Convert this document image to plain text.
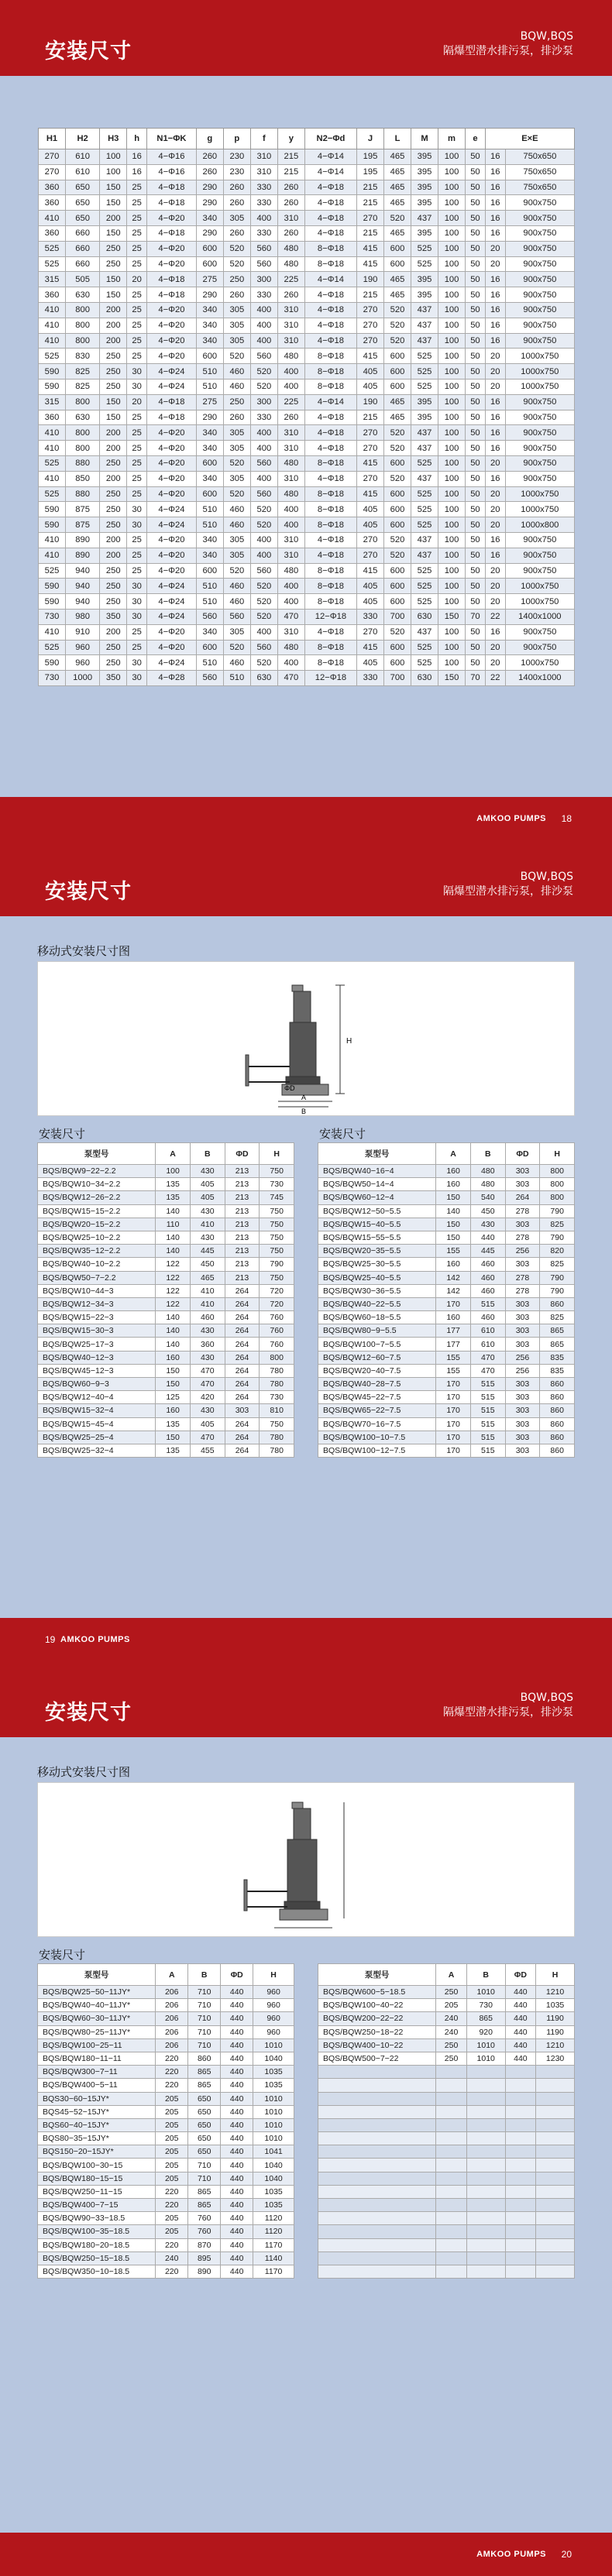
安装尺寸
BQW,BQS
隔爆型潜水排污泵，排沙泵
H1	H2	H3	h	N1−ΦK	g	p	f	y	N2−Φd	J	L	M	m	e	E×E	
270	610	100	16	4−Φ16	260	230	310	215	4−Φ14	195	465	395	100	50	16	750x650
270	610	100	16	4−Φ16	260	230	310	215	4−Φ14	195	465	395	100	50	16	750x650
360	650	150	25	4−Φ18	290	260	330	260	4−Φ18	215	465	395	100	50	16	750x650
360	650	150	25	4−Φ18	290	260	330	260	4−Φ18	215	465	395	100	50	16	900x750
410	650	200	25	4−Φ20	340	305	400	310	4−Φ18	270	520	437	100	50	16	900x750
360	660	150	25	4−Φ18	290	260	330	260	4−Φ18	215	465	395	100	50	16	900x750
525	660	250	25	4−Φ20	600	520	560	480	8−Φ18	415	600	525	100	50	20	900x750
525	660	250	25	4−Φ20	600	520	560	480	8−Φ18	415	600	525	100	50	20	900x750
315	505	150	20	4−Φ18	275	250	300	225	4−Φ14	190	465	395	100	50	16	900x750
360	630	150	25	4−Φ18	290	260	330	260	4−Φ18	215	465	395	100	50	16	900x750
410	800	200	25	4−Φ20	340	305	400	310	4−Φ18	270	520	437	100	50	16	900x750
410	800	200	25	4−Φ20	340	305	400	310	4−Φ18	270	520	437	100	50	16	900x750
410	800	200	25	4−Φ20	340	305	400	310	4−Φ18	270	520	437	100	50	16	900x750
525	830	250	25	4−Φ20	600	520	560	480	8−Φ18	415	600	525	100	50	20	1000x750
590	825	250	30	4−Φ24	510	460	520	400	8−Φ18	405	600	525	100	50	20	1000x750
590	825	250	30	4−Φ24	510	460	520	400	8−Φ18	405	600	525	100	50	20	1000x750
315	800	150	20	4−Φ18	275	250	300	225	4−Φ14	190	465	395	100	50	16	900x750
360	630	150	25	4−Φ18	290	260	330	260	4−Φ18	215	465	395	100	50	16	900x750
410	800	200	25	4−Φ20	340	305	400	310	4−Φ18	270	520	437	100	50	16	900x750
410	800	200	25	4−Φ20	340	305	400	310	4−Φ18	270	520	437	100	50	16	900x750
525	880	250	25	4−Φ20	600	520	560	480	8−Φ18	415	600	525	100	50	20	900x750
410	850	200	25	4−Φ20	340	305	400	310	4−Φ18	270	520	437	100	50	16	900x750
525	880	250	25	4−Φ20	600	520	560	480	8−Φ18	415	600	525	100	50	20	1000x750
590	875	250	30	4−Φ24	510	460	520	400	8−Φ18	405	600	525	100	50	20	1000x750
590	875	250	30	4−Φ24	510	460	520	400	8−Φ18	405	600	525	100	50	20	1000x800
410	890	200	25	4−Φ20	340	305	400	310	4−Φ18	270	520	437	100	50	16	900x750
410	890	200	25	4−Φ20	340	305	400	310	4−Φ18	270	520	437	100	50	16	900x750
525	940	250	25	4−Φ20	600	520	560	480	8−Φ18	415	600	525	100	50	20	900x750
590	940	250	30	4−Φ24	510	460	520	400	8−Φ18	405	600	525	100	50	20	1000x750
590	940	250	30	4−Φ24	510	460	520	400	8−Φ18	405	600	525	100	50	20	1000x750
730	980	350	30	4−Φ24	560	560	520	470	12−Φ18	330	700	630	150	70	22	1400x1000
410	910	200	25	4−Φ20	340	305	400	310	4−Φ18	270	520	437	100	50	16	900x750
525	960	250	25	4−Φ20	600	520	560	480	8−Φ18	415	600	525	100	50	20	900x750
590	960	250	30	4−Φ24	510	460	520	400	8−Φ18	405	600	525	100	50	20	1000x750
730	1000	350	30	4−Φ28	560	510	630	470	12−Φ18	330	700	630	150	70	22	1400x1000
AMKOO PUMPS 18
安装尺寸
BQW,BQS
隔爆型潜水排污泵，排沙泵
移动式安装尺寸图
H
A
B
ΦD
安装尺寸	安装尺寸
泵型号	A	B	ΦD	H
BQS/BQW9−22−2.2	100	430	213	750
BQS/BQW10−34−2.2	135	405	213	730
BQS/BQW12−26−2.2	135	405	213	745
BQS/BQW15−15−2.2	140	430	213	750
BQS/BQW20−15−2.2	110	410	213	750
BQS/BQW25−10−2.2	140	430	213	750
BQS/BQW35−12−2.2	140	445	213	750
BQS/BQW40−10−2.2	122	450	213	790
BQS/BQW50−7−2.2	122	465	213	750
BQS/BQW10−44−3	122	410	264	720
BQS/BQW12−34−3	122	410	264	720
BQS/BQW15−22−3	140	460	264	760
BQS/BQW15−30−3	140	430	264	760
BQS/BQW25−17−3	140	360	264	760
BQS/BQW40−12−3	160	430	264	800
BQS/BQW45−12−3	150	470	264	780
BQS/BQW60−9−3	150	470	264	780
BQS/BQW12−40−4	125	420	264	730
BQS/BQW15−32−4	160	430	303	810
BQS/BQW15−45−4	135	405	264	750
BQS/BQW25−25−4	150	470	264	780
BQS/BQW25−32−4	135	455	264	780
泵型号	A	B	ΦD	H
BQS/BQW40−16−4	160	480	303	800
BQS/BQW50−14−4	160	480	303	800
BQS/BQW60−12−4	150	540	264	800
BQS/BQW12−50−5.5	140	450	278	790
BQS/BQW15−40−5.5	150	430	303	825
BQS/BQW15−55−5.5	150	440	278	790
BQS/BQW20−35−5.5	155	445	256	820
BQS/BQW25−30−5.5	160	460	303	825
BQS/BQW25−40−5.5	142	460	278	790
BQS/BQW30−36−5.5	142	460	278	790
BQS/BQW40−22−5.5	170	515	303	860
BQS/BQW60−18−5.5	160	460	303	825
BQS/BQW80−9−5.5	177	610	303	865
BQS/BQW100−7−5.5	177	610	303	865
BQS/BQW12−60−7.5	155	470	256	835
BQS/BQW20−40−7.5	155	470	256	835
BQS/BQW40−28−7.5	170	515	303	860
BQS/BQW45−22−7.5	170	515	303	860
BQS/BQW65−22−7.5	170	515	303	860
BQS/BQW70−16−7.5	170	515	303	860
BQS/BQW100−10−7.5	170	515	303	860
BQS/BQW100−12−7.5	170	515	303	860
19 AMKOO PUMPS
安装尺寸
BQW,BQS
隔爆型潜水排污泵，排沙泵
移动式安装尺寸图
安装尺寸
泵型号	A	B	ΦD	H
BQS/BQW25−50−11JY*	206	710	440	960
BQS/BQW40−40−11JY*	206	710	440	960
BQS/BQW60−30−11JY*	206	710	440	960
BQS/BQW80−25−11JY*	206	710	440	960
BQS/BQW100−25−11	206	710	440	1010
BQS/BQW180−11−11	220	860	440	1040
BQS/BQW300−7−11	220	865	440	1035
BQS/BQW400−5−11	220	865	440	1035
BQS30−60−15JY*	205	650	440	1010
BQS45−52−15JY*	205	650	440	1010
BQS60−40−15JY*	205	650	440	1010
BQS80−35−15JY*	205	650	440	1010
BQS150−20−15JY*	205	650	440	1041
BQS/BQW100−30−15	205	710	440	1040
BQS/BQW180−15−15	205	710	440	1040
BQS/BQW250−11−15	220	865	440	1035
BQS/BQW400−7−15	220	865	440	1035
BQS/BQW90−33−18.5	205	760	440	1120
BQS/BQW100−35−18.5	205	760	440	1120
BQS/BQW180−20−18.5	220	870	440	1170
BQS/BQW250−15−18.5	240	895	440	1140
BQS/BQW350−10−18.5	220	890	440	1170
泵型号	A	B	ΦD	H
BQS/BQW600−5−18.5	250	1010	440	1210
BQS/BQW100−40−22	205	730	440	1035
BQS/BQW200−22−22	240	865	440	1190
BQS/BQW250−18−22	240	920	440	1190
BQS/BQW400−10−22	250	1010	440	1210
BQS/BQW500−7−22	250	1010	440	1230

AMKOO PUMPS 20
